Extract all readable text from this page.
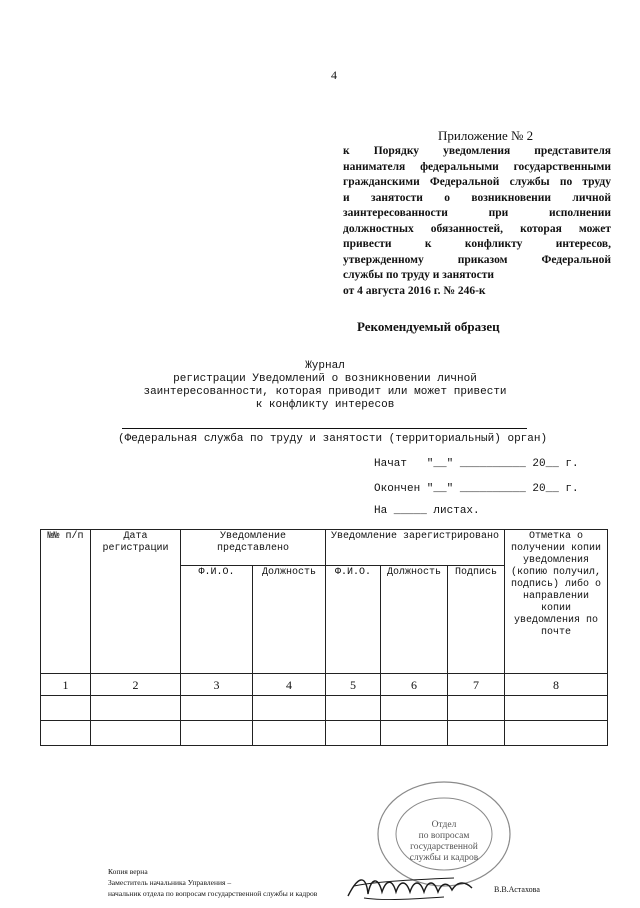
4
Приложение № 2
к Порядку уведомления представителя
нанимателя федеральными государственными
гражданскими Федеральной службы по труду
и занятости о возникновении личной
заинтересованности при исполнении
должностных обязанностей, которая может
привести к конфликту интересов,
утвержденному приказом Федеральной
службы по труду и занятости
от 4 августа 2016 г. № 246-к
Рекомендуемый образец
Журнал
регистрации Уведомлений о возникновении личной
заинтересованности, которая приводит или может привести
к конфликту интересов
(Федеральная служба по труду и занятости (территориальный) орган)
Начат   "__" __________ 20__ г.
Окончен "__" __________ 20__ г.
На _____ листах.
№№ п/п	Дата регистрации	Уведомление представлено		Уведомление зарегистрировано			Отметка о получении копии уведомления (копию получил, подпись) либо о направлении копии уведомления по почте
		Ф.И.О.	Должность	Ф.И.О.	Должность	Подпись	
1	2	3	4	5	6	7	8

Отдел
по вопросам
государственной
службы и кадров
Копия верна
Заместитель начальника Управления –
начальник отдела по вопросам государственной службы и кадров	В.В.Астахова
